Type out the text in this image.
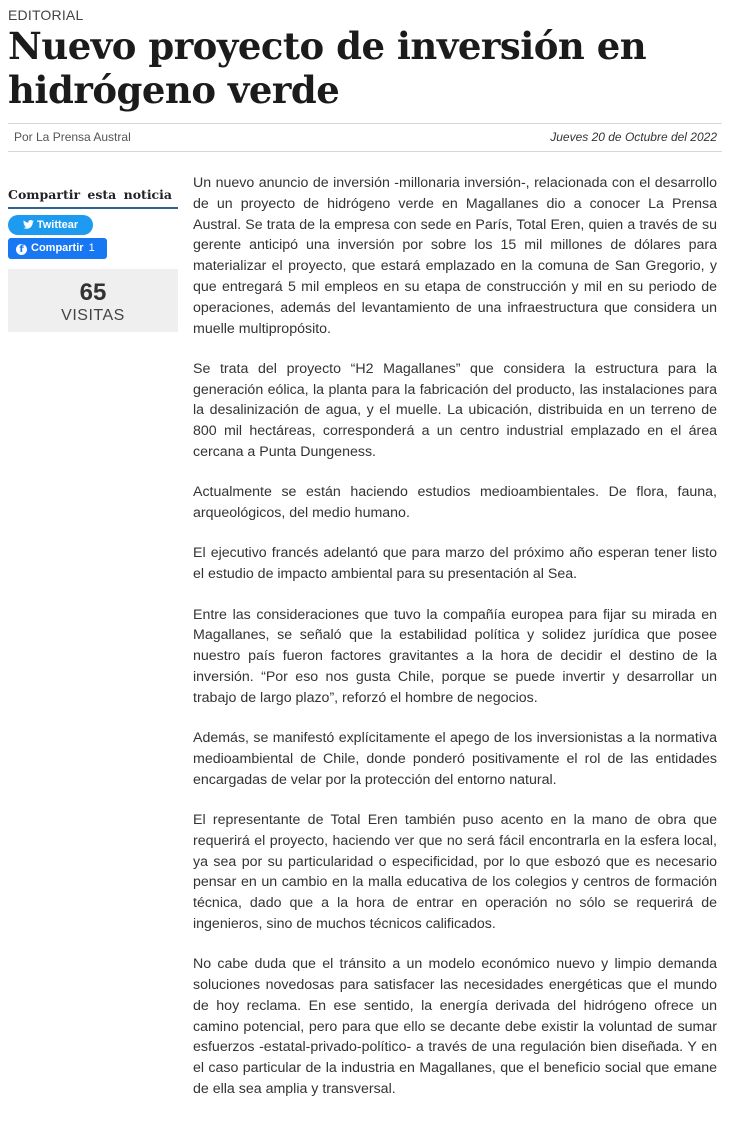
EDITORIAL
Nuevo proyecto de inversión en hidrógeno verde
Por La Prensa Austral	Jueves 20 de Octubre del 2022
Compartir esta noticia
Twittear
f Compartir 1
65
VISITAS

Un nuevo anuncio de inversión -millonaria inversión-, relacionada con el desarrollo de un proyecto de hidrógeno verde en Magallanes dio a conocer La Prensa Austral. Se trata de la empresa con sede en París, Total Eren, quien a través de su gerente anticipó una inversión por sobre los 15 mil millones de dólares para materializar el proyecto, que estará emplazado en la comuna de San Gregorio, y que entregará 5 mil empleos en su etapa de construcción y mil en su periodo de operaciones, además del levantamiento de una infraestructura que considera un muelle multipropósito.

Se trata del proyecto “H2 Magallanes” que considera la estructura para la generación eólica, la planta para la fabricación del producto, las instalaciones para la desalinización de agua, y el muelle. La ubicación, distribuida en un terreno de 800 mil hectáreas, corresponderá a un centro industrial emplazado en el área cercana a Punta Dungeness.

Actualmente se están haciendo estudios medioambientales. De flora, fauna, arqueológicos, del medio humano.

El ejecutivo francés adelantó que para marzo del próximo año esperan tener listo el estudio de impacto ambiental para su presentación al Sea.

Entre las consideraciones que tuvo la compañía europea para fijar su mirada en Magallanes, se señaló que la estabilidad política y solidez jurídica que posee nuestro país fueron factores gravitantes a la hora de decidir el destino de la inversión. “Por eso nos gusta Chile, porque se puede invertir y desarrollar un trabajo de largo plazo”, reforzó el hombre de negocios.

Además, se manifestó explícitamente el apego de los inversionistas a la normativa medioambiental de Chile, donde ponderó positivamente el rol de las entidades encargadas de velar por la protección del entorno natural.

El representante de Total Eren también puso acento en la mano de obra que requerirá el proyecto, haciendo ver que no será fácil encontrarla en la esfera local, ya sea por su particularidad o especificidad, por lo que esbozó que es necesario pensar en un cambio en la malla educativa de los colegios y centros de formación técnica, dado que a la hora de entrar en operación no sólo se requerirá de ingenieros, sino de muchos técnicos calificados.

No cabe duda que el tránsito a un modelo económico nuevo y limpio demanda soluciones novedosas para satisfacer las necesidades energéticas que el mundo de hoy reclama. En ese sentido, la energía derivada del hidrógeno ofrece un camino potencial, pero para que ello se decante debe existir la voluntad de sumar esfuerzos -estatal-privado-político- a través de una regulación bien diseñada. Y en el caso particular de la industria en Magallanes, que el beneficio social que emane de ella sea amplia y transversal.
